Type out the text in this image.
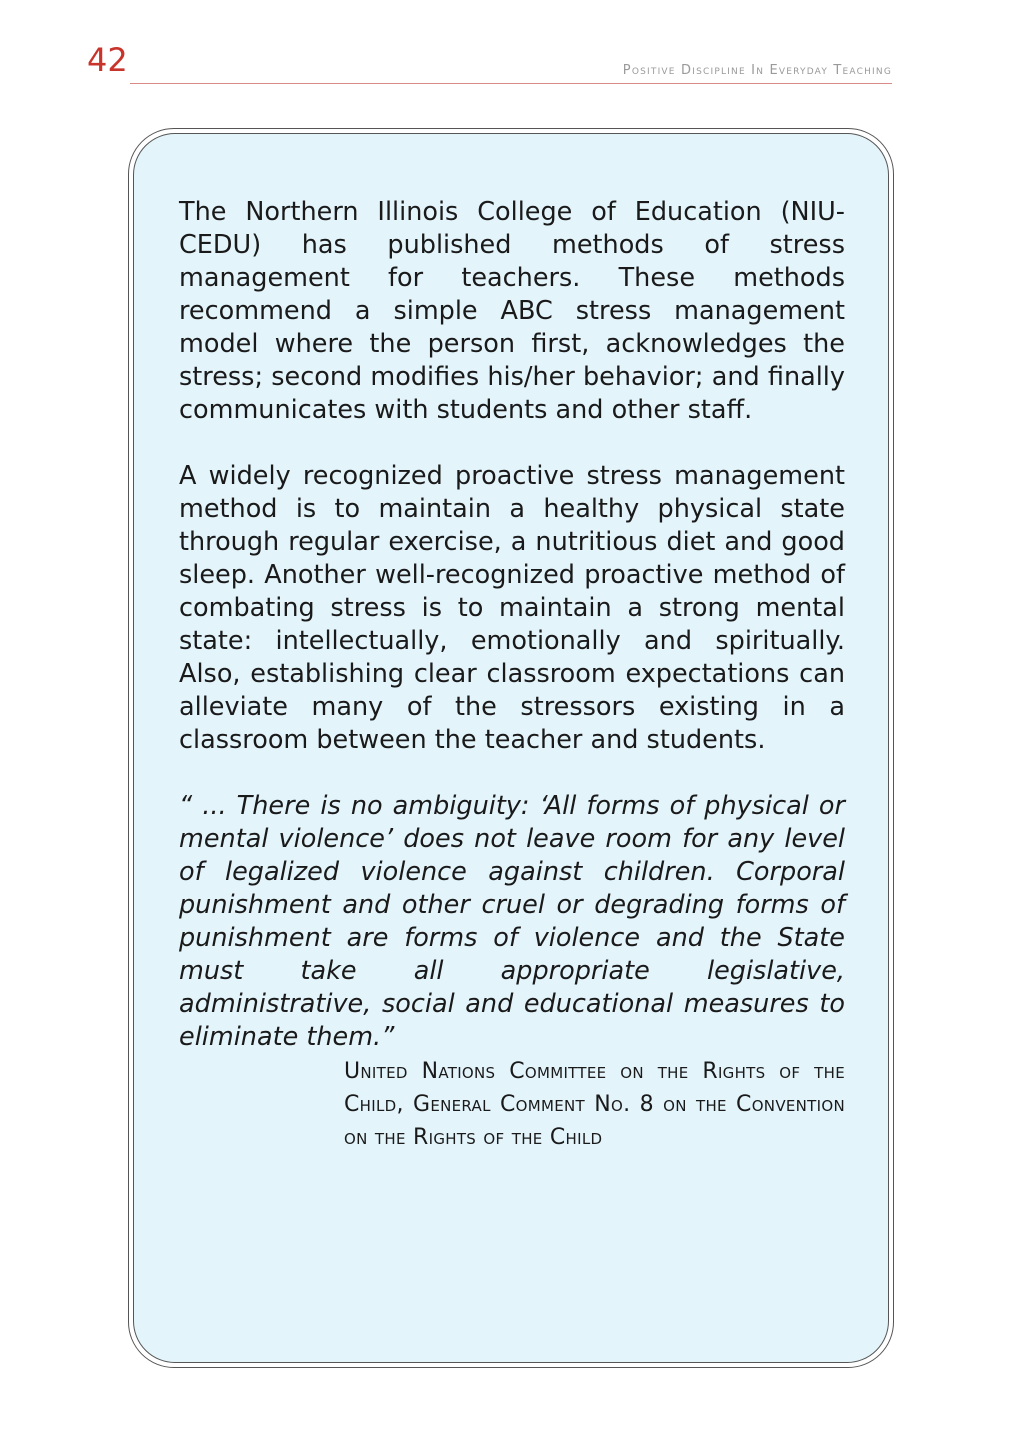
42	Positive Discipline In Everyday Teaching

The Northern Illinois College of Education (NIU-CEDU) has published methods of stress management for teachers. These methods recommend a simple ABC stress management model where the person first, acknowledges the stress; second modifies his/her behavior; and finally communicates with students and other staff.

A widely recognized proactive stress management method is to maintain a healthy physical state through regular exercise, a nutritious diet and good sleep. Another well-recognized proactive method of combating stress is to maintain a strong mental state: intellectually, emotionally and spiritually. Also, establishing clear classroom expectations can alleviate many of the stressors existing in a classroom between the teacher and students.

“ ... There is no ambiguity: ‘All forms of physical or mental violence’ does not leave room for any level of legalized violence against children. Corporal punishment and other cruel or degrading forms of punishment are forms of violence and the State must take all appropriate legislative, administrative, social and educational measures to eliminate them.”

United Nations Committee on the Rights of the Child, General Comment No. 8 on the Convention on the Rights of the Child
